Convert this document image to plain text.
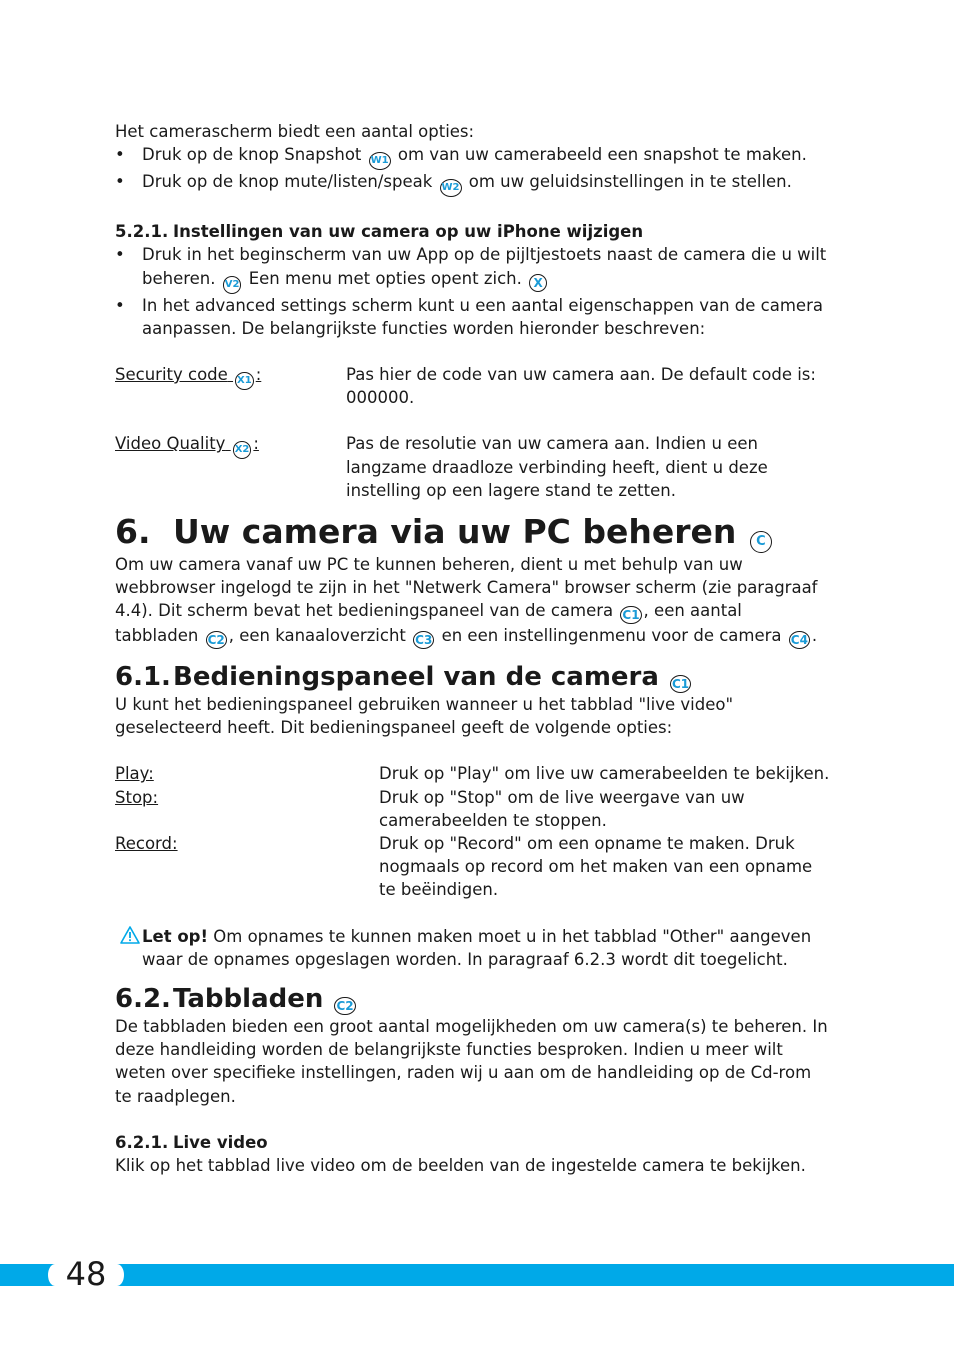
Het camerascherm biedt een aantal opties:

• Druk op de knop Snapshot W1 om van uw camerabeeld een snapshot te maken.
• Druk op de knop mute/listen/speak W2 om uw geluidsinstellingen in te stellen.

5.2.1. Instellingen van uw camera op uw iPhone wijzigen

• Druk in het beginscherm van uw App op de pijltjestoets naast de camera die u wilt beheren. V2 Een menu met opties opent zich. X
• In het advanced settings scherm kunt u een aantal eigenschappen van de camera aanpassen. De belangrijkste functies worden hieronder beschreven:
Security code X1 :	Pas hier de code van uw camera aan. De default code is: 000000.
Video Quality X2 :	Pas de resolutie van uw camera aan. Indien u een langzame draadloze verbinding heeft, dient u deze instelling op een lagere stand te zetten.
6. Uw camera via uw PC beheren C

Om uw camera vanaf uw PC te kunnen beheren, dient u met behulp van uw webbrowser ingelogd te zijn in het "Netwerk Camera" browser scherm (zie paragraaf 4.4). Dit scherm bevat het bedieningspaneel van de camera C1 , een aantal tabbladen C2 , een kanaaloverzicht C3 en een instellingenmenu voor de camera C4 .

6.1.Bedieningspaneel van de camera C1

U kunt het bedieningspaneel gebruiken wanneer u het tabblad "live video" geselecteerd heeft. Dit bedieningspaneel geeft de volgende opties:

Play:	Druk op "Play" om live uw camerabeelden te bekijken.
Stop:	Druk op "Stop" om de live weergave van uw camerabeelden te stoppen.
Record:	Druk op "Record" om een opname te maken. Druk nogmaals op record om het maken van een opname te beëindigen.
Let op! Om opnames te kunnen maken moet u in het tabblad "Other" aangeven waar de opnames opgeslagen worden. In paragraaf 6.2.3 wordt dit toegelicht.
6.2.Tabbladen C2

De tabbladen bieden een groot aantal mogelijkheden om uw camera(s) te beheren. In deze handleiding worden de belangrijkste functies besproken. Indien u meer wilt weten over specifieke instellingen, raden wij u aan om de handleiding op de Cd-rom te raadplegen.

6.2.1. Live video

Klik op het tabblad live video om de beelden van de ingestelde camera te bekijken.

48
